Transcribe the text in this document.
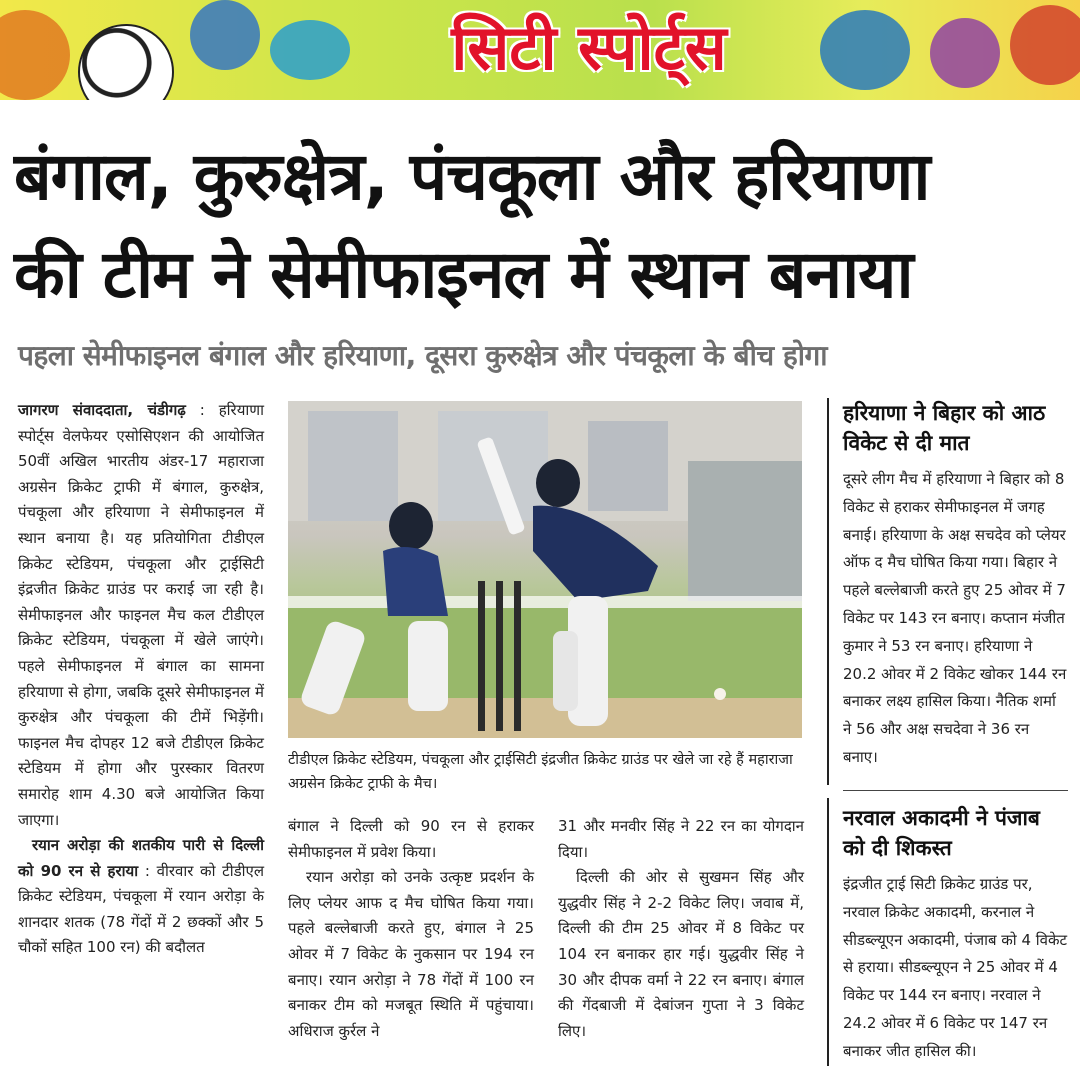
सिटी स्पोर्ट्स
बंगाल, कुरुक्षेत्र, पंचकूला और हरियाणा
की टीम ने सेमीफाइनल में स्थान बनाया
पहला सेमीफाइनल बंगाल और हरियाणा, दूसरा कुरुक्षेत्र और पंचकूला के बीच होगा

जागरण संवाददाता, चंडीगढ़ : हरियाणा स्पोर्ट्स वेलफेयर एसोसिएशन की आयोजित 50वीं अखिल भारतीय अंडर-17 महाराजा अग्रसेन क्रिकेट ट्राफी में बंगाल, कुरुक्षेत्र, पंचकूला और हरियाणा ने सेमीफाइनल में स्थान बनाया है। यह प्रतियोगिता टीडीएल क्रिकेट स्टेडियम, पंचकूला और ट्राईसिटी इंद्रजीत क्रिकेट ग्राउंड पर कराई जा रही है। सेमीफाइनल और फाइनल मैच कल टीडीएल क्रिकेट स्टेडियम, पंचकूला में खेले जाएंगे। पहले सेमीफाइनल में बंगाल का सामना हरियाणा से होगा, जबकि दूसरे सेमीफाइनल में कुरुक्षेत्र और पंचकूला की टीमें भिड़ेंगी। फाइनल मैच दोपहर 12 बजे टीडीएल क्रिकेट स्टेडियम में होगा और पुरस्कार वितरण समारोह शाम 4.30 बजे आयोजित किया जाएगा।

रयान अरोड़ा की शतकीय पारी से दिल्ली को 90 रन से हराया : वीरवार को टीडीएल क्रिकेट स्टेडियम, पंचकूला में रयान अरोड़ा के शानदार शतक (78 गेंदों में 2 छक्कों और 5 चौकों सहित 100 रन) की बदौलत

टीडीएल क्रिकेट स्टेडियम, पंचकूला और ट्राईसिटी इंद्रजीत क्रिकेट ग्राउंड पर खेले जा रहे हैं महाराजा अग्रसेन क्रिकेट ट्राफी के मैच।

बंगाल ने दिल्ली को 90 रन से हराकर सेमीफाइनल में प्रवेश किया।

रयान अरोड़ा को उनके उत्कृष्ट प्रदर्शन के लिए प्लेयर आफ द मैच घोषित किया गया। पहले बल्लेबाजी करते हुए, बंगाल ने 25 ओवर में 7 विकेट के नुकसान पर 194 रन बनाए। रयान अरोड़ा ने 78 गेंदों में 100 रन बनाकर टीम को मजबूत स्थिति में पहुंचाया। अधिराज कुर्रल ने

31 और मनवीर सिंह ने 22 रन का योगदान दिया।

दिल्ली की ओर से सुखमन सिंह और युद्धवीर सिंह ने 2-2 विकेट लिए। जवाब में, दिल्ली की टीम 25 ओवर में 8 विकेट पर 104 रन बनाकर हार गई। युद्धवीर सिंह ने 30 और दीपक वर्मा ने 22 रन बनाए। बंगाल की गेंदबाजी में देबांजन गुप्ता ने 3 विकेट लिए।

हरियाणा ने बिहार को आठ विकेट से दी मात
दूसरे लीग मैच में हरियाणा ने बिहार को 8 विकेट से हराकर सेमीफाइनल में जगह बनाई। हरियाणा के अक्ष सचदेव को प्लेयर ऑफ द मैच घोषित किया गया। बिहार ने पहले बल्लेबाजी करते हुए 25 ओवर में 7 विकेट पर 143 रन बनाए। कप्तान मंजीत कुमार ने 53 रन बनाए। हरियाणा ने 20.2 ओवर में 2 विकेट खोकर 144 रन बनाकर लक्ष्य हासिल किया। नैतिक शर्मा ने 56 और अक्ष सचदेवा ने 36 रन बनाए।
नरवाल अकादमी ने पंजाब को दी शिकस्त
इंद्रजीत ट्राई सिटी क्रिकेट ग्राउंड पर, नरवाल क्रिकेट अकादमी, करनाल ने सीडब्ल्यूएन अकादमी, पंजाब को 4 विकेट से हराया। सीडब्ल्यूएन ने 25 ओवर में 4 विकेट पर 144 रन बनाए। नरवाल ने 24.2 ओवर में 6 विकेट पर 147 रन बनाकर जीत हासिल की।
